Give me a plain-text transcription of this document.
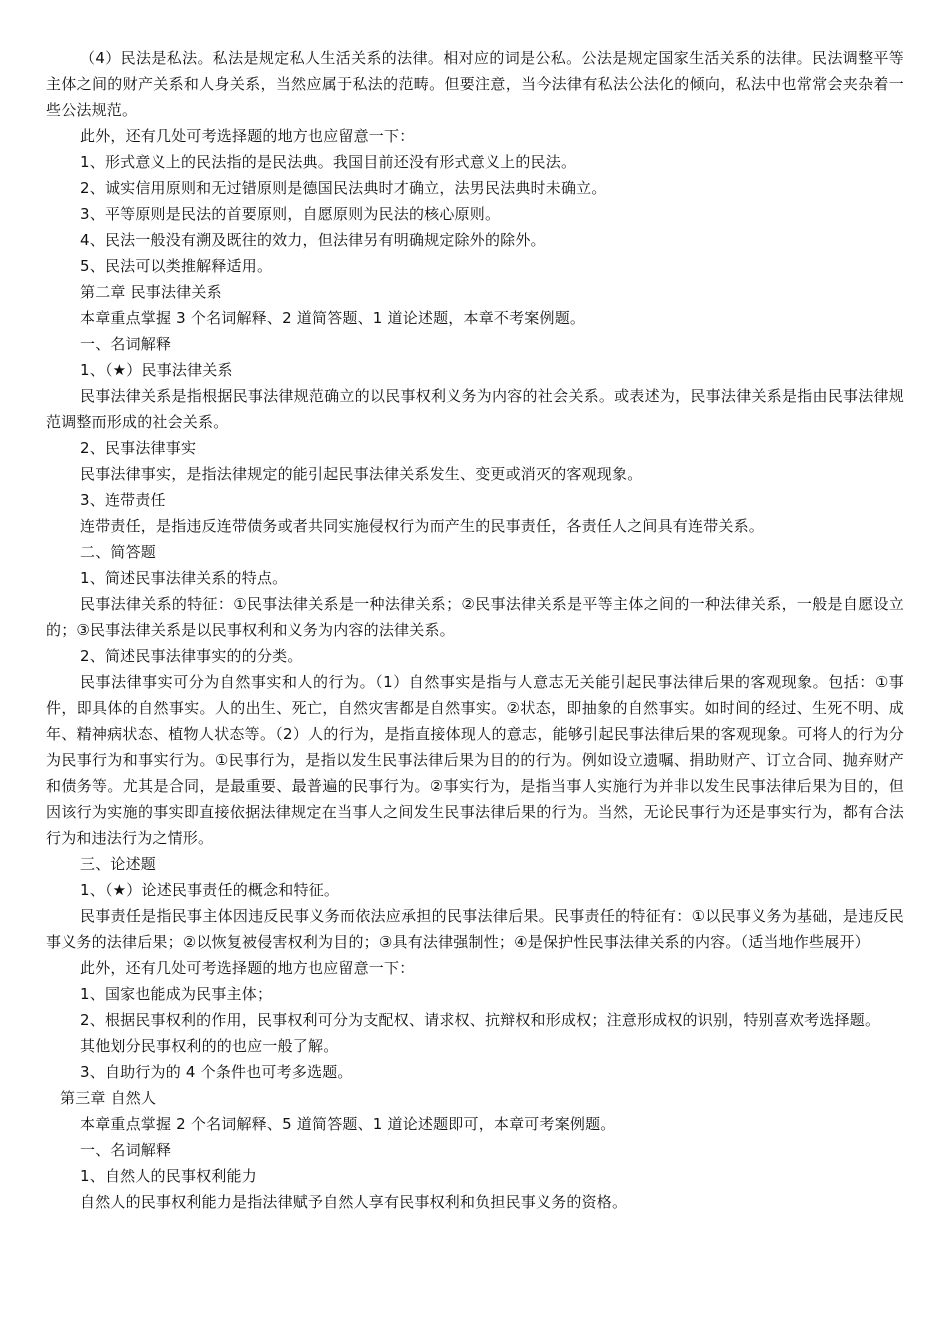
（4）民法是私法。私法是规定私人生活关系的法律。相对应的词是公私。公法是规定国家生活关系的法律。民法调整平等主体之间的财产关系和人身关系，当然应属于私法的范畴。但要注意，当今法律有私法公法化的倾向，私法中也常常会夹杂着一些公法规范。

此外，还有几处可考选择题的地方也应留意一下：

1、形式意义上的民法指的是民法典。我国目前还没有形式意义上的民法。

2、诚实信用原则和无过错原则是德国民法典时才确立，法男民法典时未确立。

3、平等原则是民法的首要原则，自愿原则为民法的核心原则。

4、民法一般没有溯及既往的效力，但法律另有明确规定除外的除外。

5、民法可以类推解释适用。

第二章 民事法律关系

本章重点掌握 3 个名词解释、2 道简答题、1 道论述题，本章不考案例题。

一、名词解释

1、（★）民事法律关系

民事法律关系是指根据民事法律规范确立的以民事权利义务为内容的社会关系。或表述为，民事法律关系是指由民事法律规范调整而形成的社会关系。

2、民事法律事实

民事法律事实，是指法律规定的能引起民事法律关系发生、变更或消灭的客观现象。

3、连带责任

连带责任，是指违反连带债务或者共同实施侵权行为而产生的民事责任，各责任人之间具有连带关系。

二、简答题

1、简述民事法律关系的特点。

民事法律关系的特征：①民事法律关系是一种法律关系；②民事法律关系是平等主体之间的一种法律关系，一般是自愿设立的；③民事法律关系是以民事权利和义务为内容的法律关系。

2、简述民事法律事实的的分类。

民事法律事实可分为自然事实和人的行为。（1）自然事实是指与人意志无关能引起民事法律后果的客观现象。包括：①事件，即具体的自然事实。人的出生、死亡，自然灾害都是自然事实。②状态，即抽象的自然事实。如时间的经过、生死不明、成年、精神病状态、植物人状态等。（2）人的行为，是指直接体现人的意志，能够引起民事法律后果的客观现象。可将人的行为分为民事行为和事实行为。①民事行为，是指以发生民事法律后果为目的的行为。例如设立遗嘱、捐助财产、订立合同、抛弃财产和债务等。尤其是合同，是最重要、最普遍的民事行为。②事实行为，是指当事人实施行为并非以发生民事法律后果为目的，但因该行为实施的事实即直接依据法律规定在当事人之间发生民事法律后果的行为。当然，无论民事行为还是事实行为，都有合法行为和违法行为之情形。

三、论述题

1、（★）论述民事责任的概念和特征。

民事责任是指民事主体因违反民事义务而依法应承担的民事法律后果。民事责任的特征有：①以民事义务为基础，是违反民事义务的法律后果；②以恢复被侵害权利为目的；③具有法律强制性；④是保护性民事法律关系的内容。（适当地作些展开）

此外，还有几处可考选择题的地方也应留意一下：

1、国家也能成为民事主体；

2、根据民事权利的作用，民事权利可分为支配权、请求权、抗辩权和形成权；注意形成权的识别，特别喜欢考选择题。

其他划分民事权利的的也应一般了解。

3、自助行为的 4 个条件也可考多选题。

第三章 自然人

本章重点掌握 2 个名词解释、5 道简答题、1 道论述题即可，本章可考案例题。

一、名词解释

1、自然人的民事权利能力

自然人的民事权利能力是指法律赋予自然人享有民事权利和负担民事义务的资格。
